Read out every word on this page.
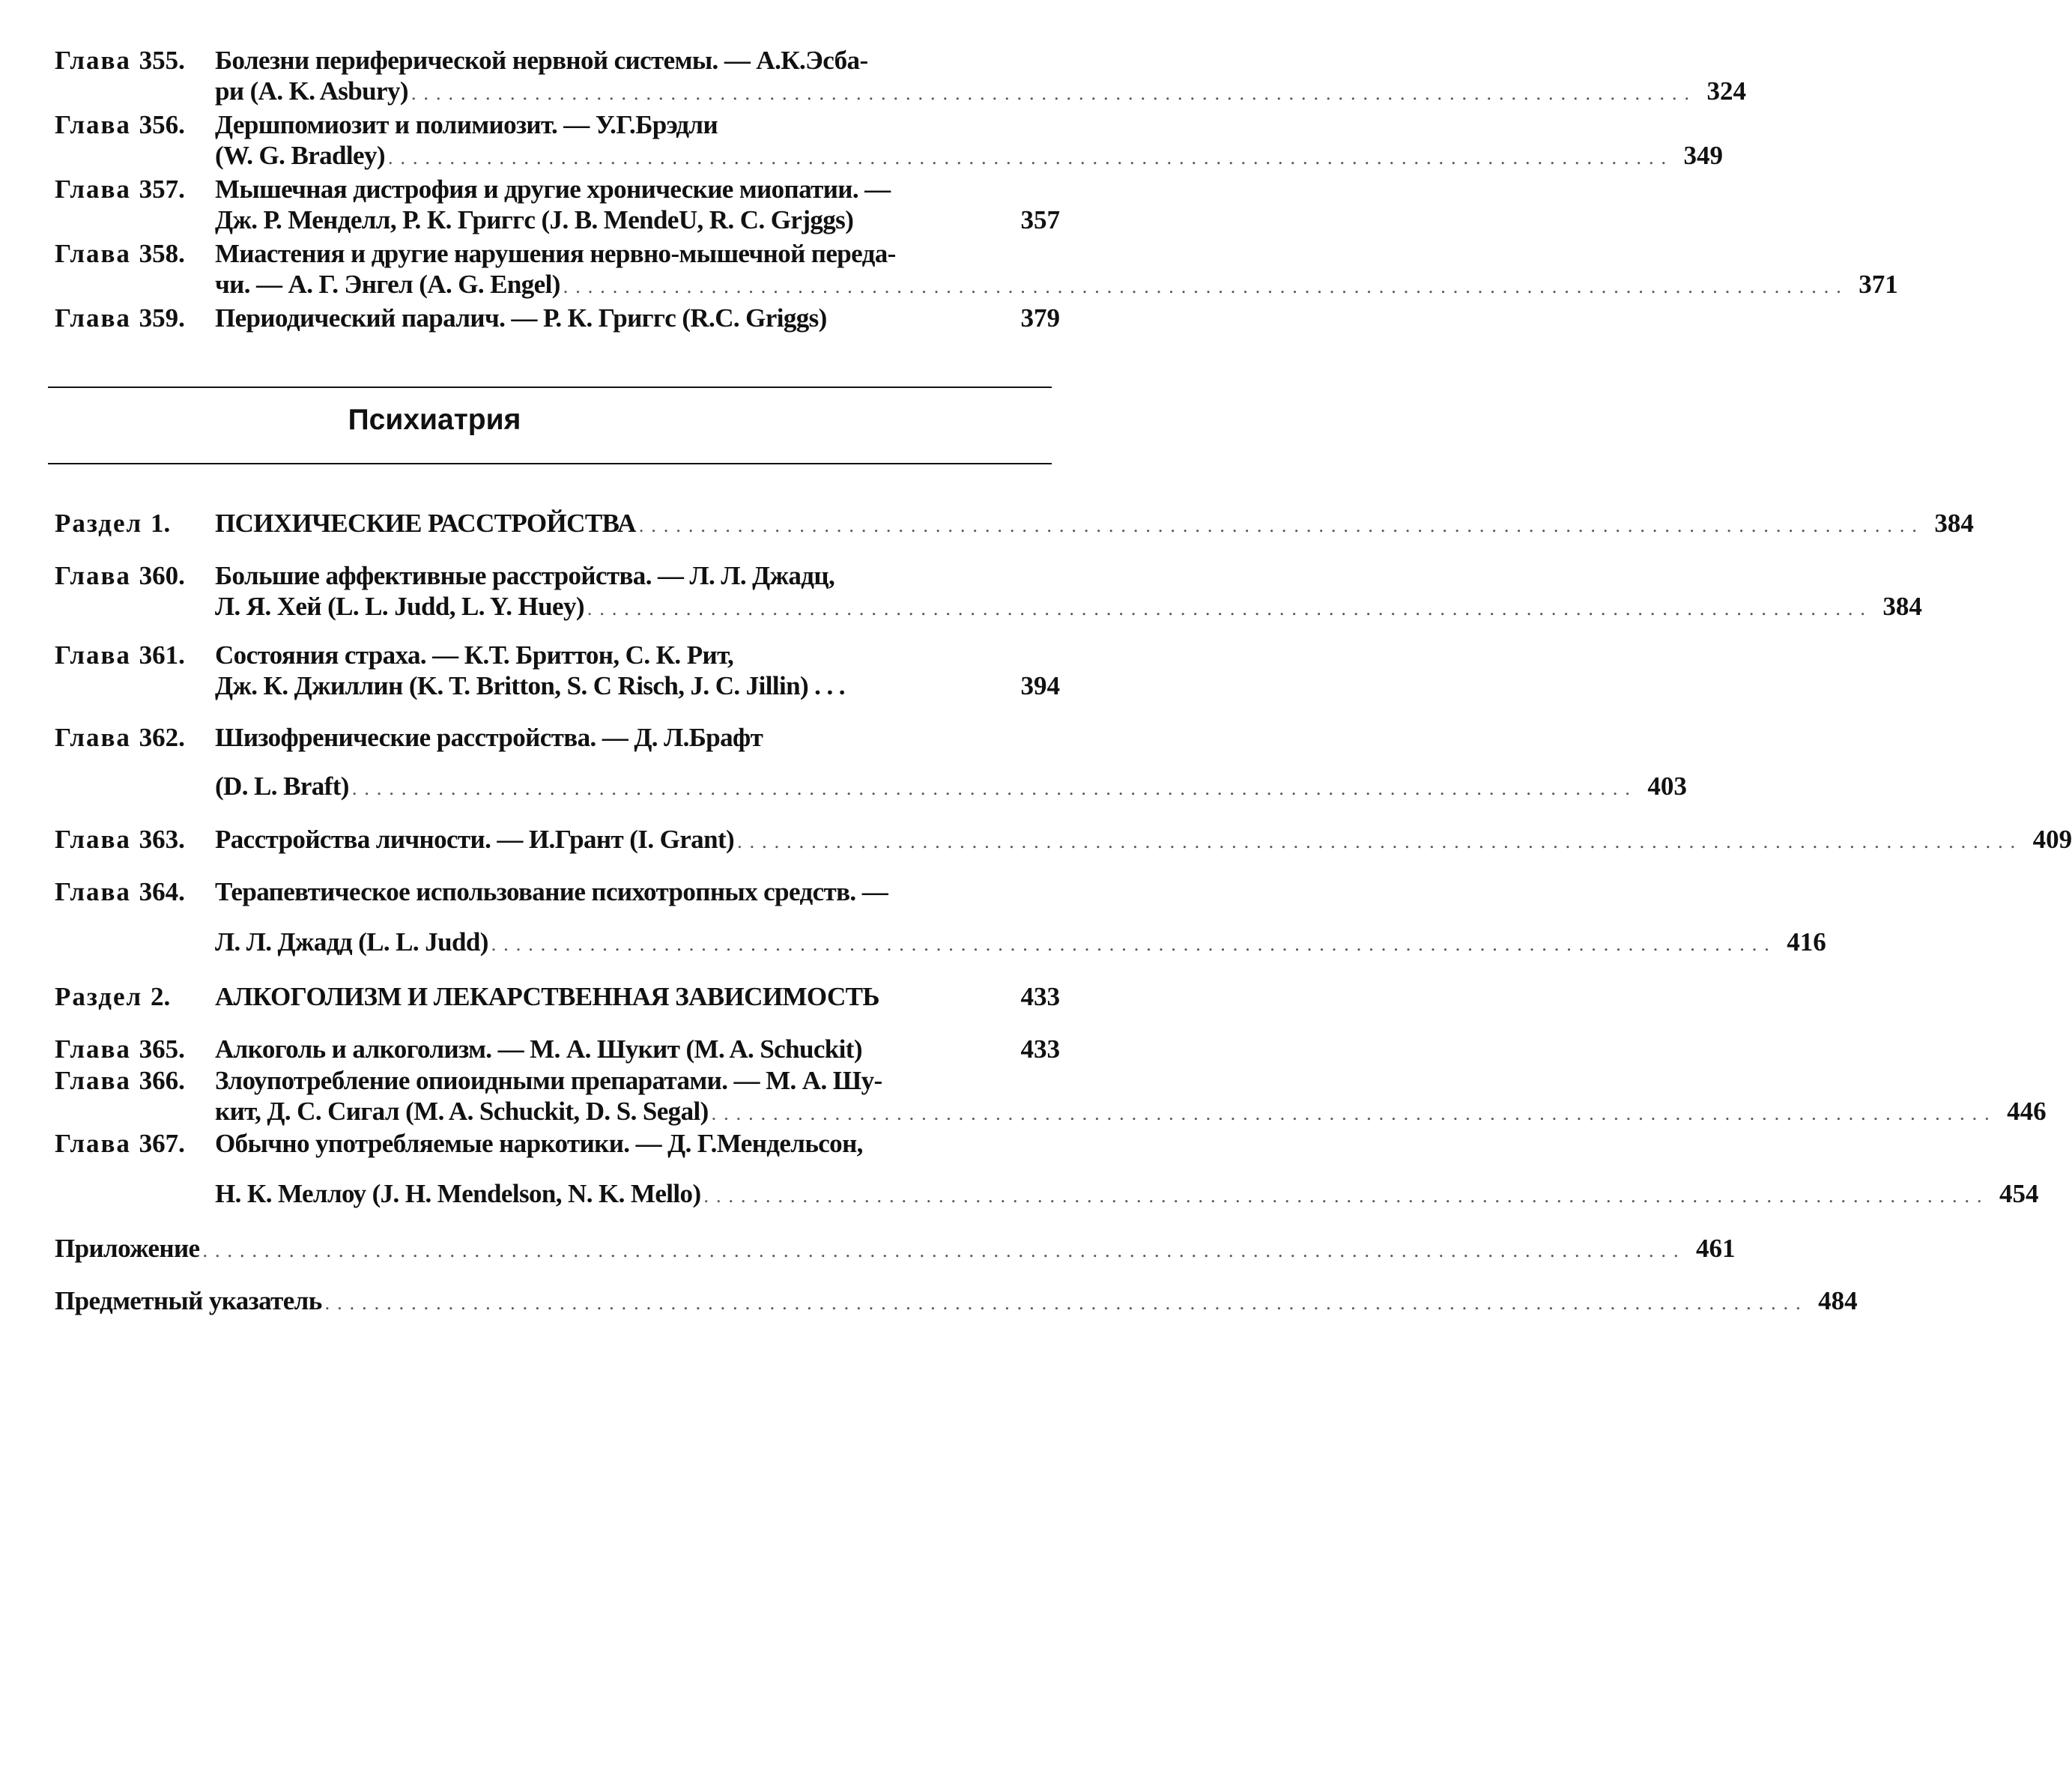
Глава 355.	Болезни периферической нервной системы. — А.К.Эсба-
ри (A. K. Asbury) ........................................................................................................ 324
Глава 356.	Дершпомиозит и полимиозит. — У.Г.Брэдли
(W. G. Bradley) ........................................................................................................ 349
Глава 357.	Мышечная дистрофия и другие хронические миопатии. —
Дж. Р. Менделл, Р. К. Григгс (J. B. MendeU, R. C. Grjggs)	357
Глава 358.	Миастения и другие нарушения нервно-мышечной переда-
чи. — А. Г. Энгел (A. G. Engel) ........................................................................................................ 371
Глава 359.	Периодический паралич. — Р. К. Григгс (R.C. Griggs)	379
Психиатрия
Раздел 1.	ПСИХИЧЕСКИЕ РАССТРОЙСТВА ........................................................................................................ 384
Глава 360.	Большие аффективные расстройства. — Л. Л. Джадц,
Л. Я. Хей (L. L. Judd, L. Y. Huey) ........................................................................................................ 384
Глава 361.	Состояния страха. — К.Т. Бриттон, С. К. Рит,
Дж. К. Джиллин (K. T. Britton, S. C Risch, J. C. Jillin) . . .	394
Глава 362.	Шизофренические расстройства. — Д. Л.Брафт
(D. L. Braft) ........................................................................................................ 403
Глава 363.	Расстройства личности. — И.Грант (I. Grant) ........................................................................................................ 409
Глава 364.	Терапевтическое использование психотропных средств. —
Л. Л. Джадд (L. L. Judd) ........................................................................................................ 416
Раздел 2.	АЛКОГОЛИЗМ И ЛЕКАРСТВЕННАЯ ЗАВИСИМОСТЬ	433
Глава 365.	Алкоголь и алкоголизм. — М. А. Шукит (M. A. Schuckit)	433
Глава 366.	Злоупотребление опиоидными препаратами. — М. А. Шу-
кит, Д. С. Сигал (M. A. Schuckit, D. S. Segal) ........................................................................................................ 446
Глава 367.	Обычно употребляемые наркотики. — Д. Г.Мендельсон,
Н. К. Меллоу (J. H. Mendelson, N. K. Mello) ........................................................................................................ 454
Приложение ........................................................................................................................ 461
Предметный указатель ........................................................................................................................ 484
